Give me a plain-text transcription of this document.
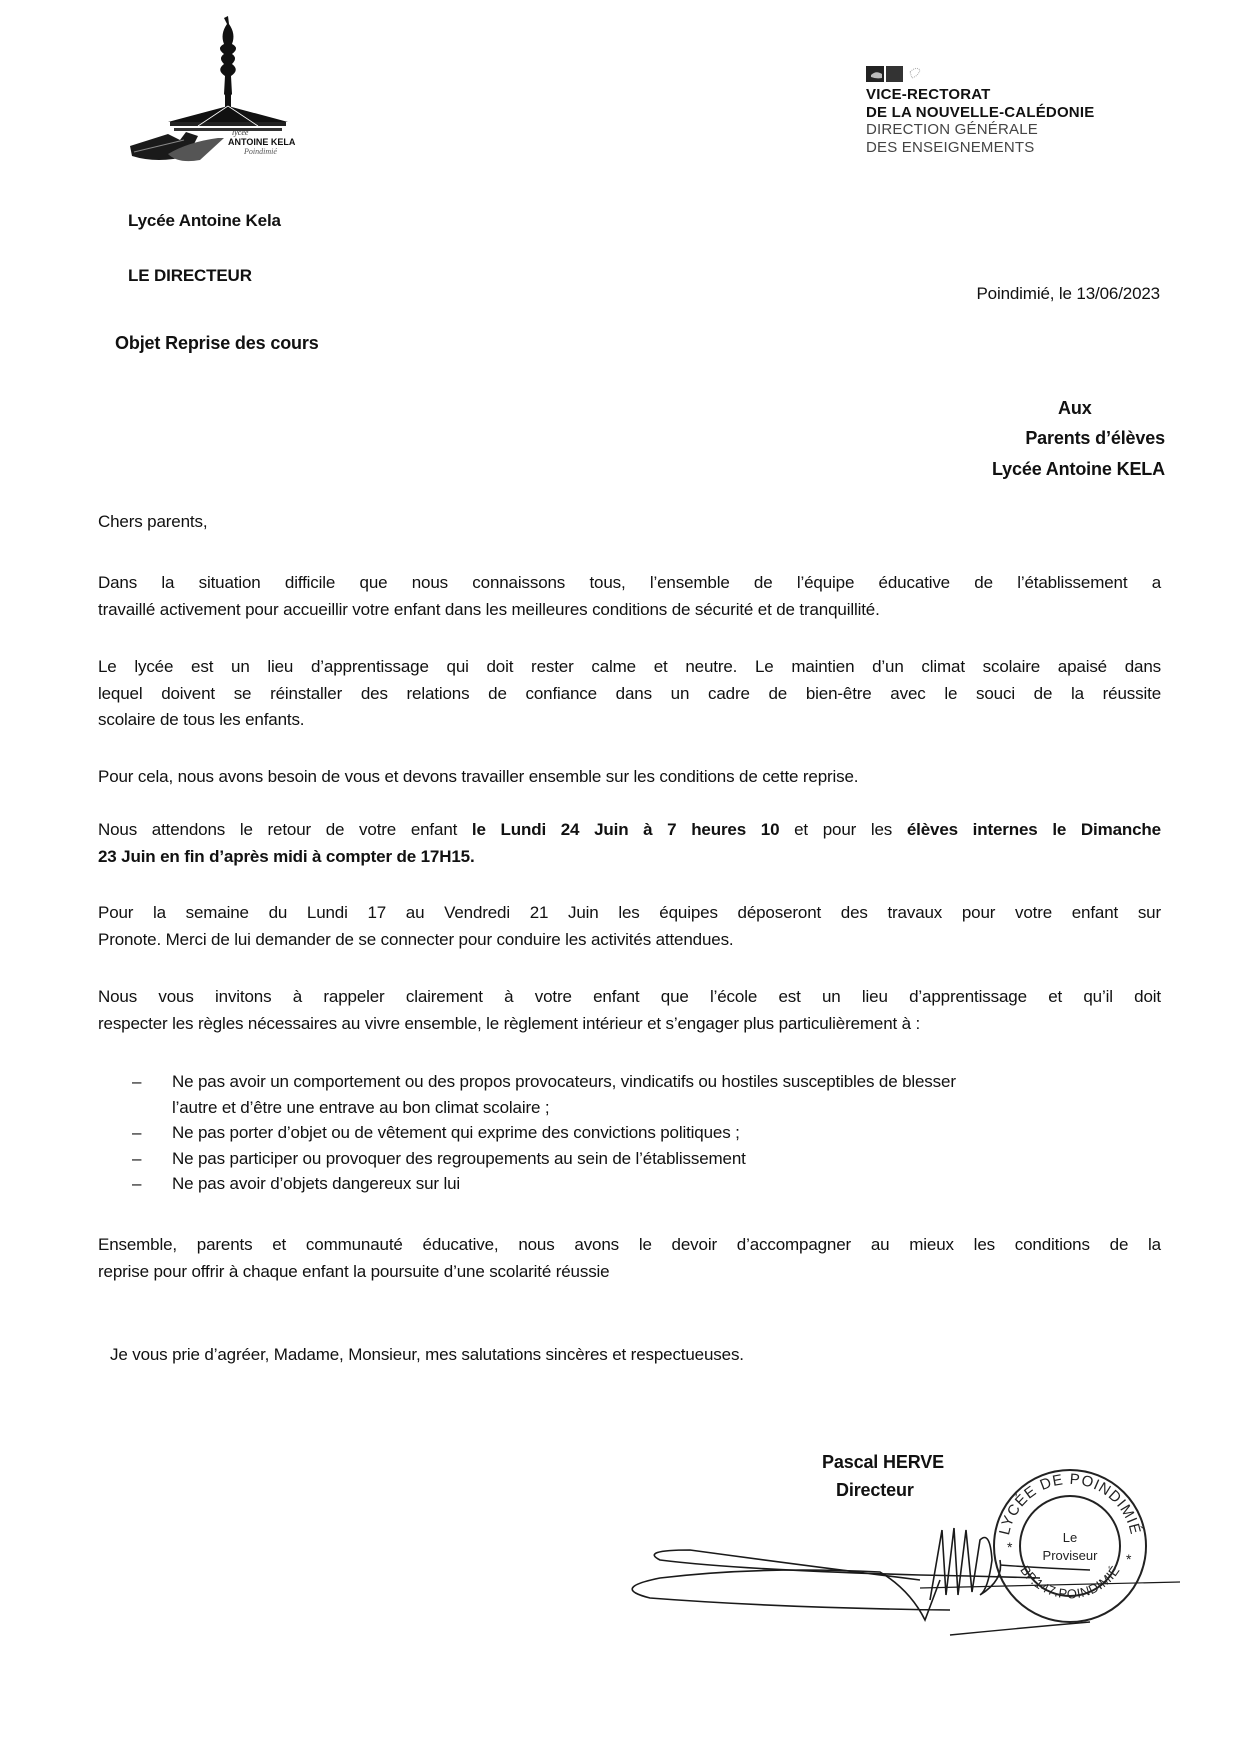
lycée
ANTOINE KELA
Poindimié
VICE-RECTORAT
DE LA NOUVELLE-CALÉDONIE
DIRECTION GÉNÉRALE
DES ENSEIGNEMENTS
Lycée Antoine Kela
LE DIRECTEUR
Poindimié, le 13/06/2023
Objet Reprise des cours
Aux
Parents d’élèves
Lycée Antoine KELA
Chers parents,
Dans la situation difficile que nous connaissons tous, l’ensemble de l’équipe éducative de l’établissement a
travaillé activement pour accueillir votre enfant dans les meilleures conditions de sécurité et de tranquillité.
Le lycée est un lieu d’apprentissage qui doit rester calme et neutre. Le maintien d’un climat scolaire apaisé dans
lequel doivent se réinstaller des relations de confiance dans un cadre de bien-être avec le souci de la réussite
scolaire de tous les enfants.
Pour cela, nous avons besoin de vous et devons travailler ensemble sur les conditions de cette reprise.
Nous attendons le retour de votre enfant le Lundi 24 Juin à 7 heures 10 et pour les élèves internes le Dimanche
23 Juin en fin d’après midi à compter de 17H15.
Pour la semaine du Lundi 17 au Vendredi 21 Juin les équipes déposeront des travaux pour votre enfant sur
Pronote. Merci de lui demander de se connecter pour conduire les activités attendues.
Nous vous invitons à rappeler clairement à votre enfant que l’école est un lieu d’apprentissage et qu’il doit
respecter les règles nécessaires au vivre ensemble, le règlement intérieur et s’engager plus particulièrement à :
– Ne pas avoir un comportement ou des propos provocateurs, vindicatifs ou hostiles susceptibles de blesser
l’autre et d’être une entrave au bon climat scolaire ;
– Ne pas porter d’objet ou de vêtement qui exprime des convictions politiques ;
– Ne pas participer ou provoquer des regroupements au sein de l’établissement
– Ne pas avoir d’objets dangereux sur lui
Ensemble, parents et communauté éducative, nous avons le devoir d’accompagner au mieux les conditions de la
reprise pour offrir à chaque enfant la poursuite d’une scolarité réussie
Je vous prie d’agréer, Madame, Monsieur, mes salutations sincères et respectueuses.
Pascal HERVE
Directeur
LYCÉE DE POINDIMIÉ
BP.147.POINDIMIÉ
*
*
Le
Proviseur
